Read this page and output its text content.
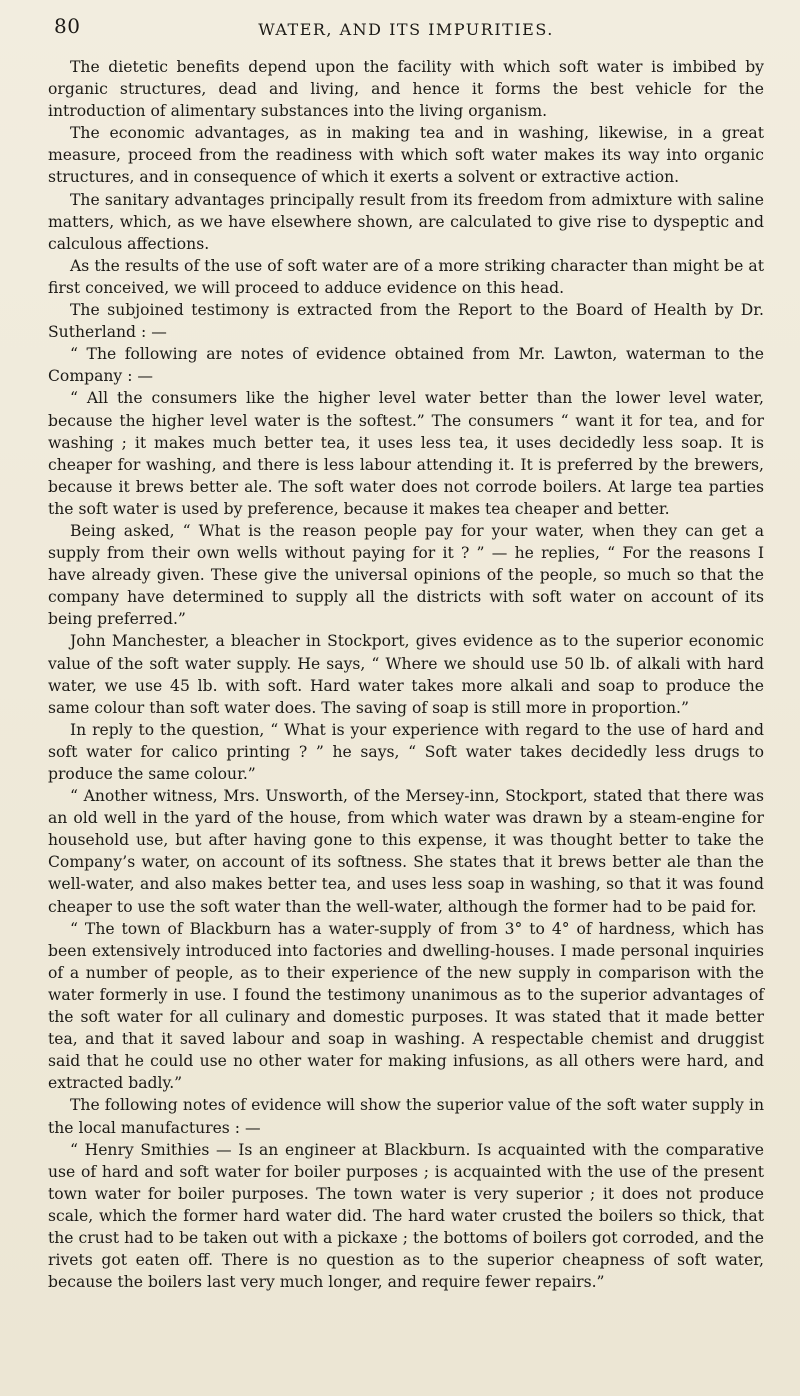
80	WATER, AND ITS IMPURITIES.

The dietetic benefits depend upon the facility with which soft water is imbibed by organic structures, dead and living, and hence it forms the best vehicle for the introduction of alimentary substances into the living organism.

The economic advantages, as in making tea and in washing, likewise, in a great measure, proceed from the readiness with which soft water makes its way into organic structures, and in consequence of which it exerts a solvent or extractive action.

The sanitary advantages principally result from its freedom from admixture with saline matters, which, as we have elsewhere shown, are calculated to give rise to dyspeptic and calculous affections.

As the results of the use of soft water are of a more striking character than might be at first conceived, we will proceed to adduce evidence on this head.

The subjoined testimony is extracted from the Report to the Board of Health by Dr. Sutherland : —

“ The following are notes of evidence obtained from Mr. Lawton, waterman to the Company : —

“ All the consumers like the higher level water better than the lower level water, because the higher level water is the softest.” The consumers “ want it for tea, and for washing ; it makes much better tea, it uses less tea, it uses decidedly less soap. It is cheaper for washing, and there is less labour attending it. It is preferred by the brewers, because it brews better ale. The soft water does not corrode boilers. At large tea parties the soft water is used by preference, because it makes tea cheaper and better.

Being asked, “ What is the reason people pay for your water, when they can get a supply from their own wells without paying for it ? ” — he replies, “ For the reasons I have already given. These give the universal opinions of the people, so much so that the company have determined to supply all the districts with soft water on account of its being preferred.”

John Manchester, a bleacher in Stockport, gives evidence as to the superior economic value of the soft water supply. He says, “ Where we should use 50 lb. of alkali with hard water, we use 45 lb. with soft. Hard water takes more alkali and soap to produce the same colour than soft water does. The saving of soap is still more in proportion.”

In reply to the question, “ What is your experience with regard to the use of hard and soft water for calico printing ? ” he says, “ Soft water takes decidedly less drugs to produce the same colour.”

“ Another witness, Mrs. Unsworth, of the Mersey-inn, Stockport, stated that there was an old well in the yard of the house, from which water was drawn by a steam-engine for household use, but after having gone to this expense, it was thought better to take the Company’s water, on account of its softness. She states that it brews better ale than the well-water, and also makes better tea, and uses less soap in washing, so that it was found cheaper to use the soft water than the well-water, although the former had to be paid for.

“ The town of Blackburn has a water-supply of from 3° to 4° of hardness, which has been extensively introduced into factories and dwelling-houses. I made personal inquiries of a number of people, as to their experience of the new supply in comparison with the water formerly in use. I found the testimony unanimous as to the superior advantages of the soft water for all culinary and domestic purposes. It was stated that it made better tea, and that it saved labour and soap in washing. A respectable chemist and druggist said that he could use no other water for making infusions, as all others were hard, and extracted badly.”

The following notes of evidence will show the superior value of the soft water supply in the local manufactures : —

“ Henry Smithies — Is an engineer at Blackburn. Is acquainted with the comparative use of hard and soft water for boiler purposes ; is acquainted with the use of the present town water for boiler purposes. The town water is very superior ; it does not produce scale, which the former hard water did. The hard water crusted the boilers so thick, that the crust had to be taken out with a pickaxe ; the bottoms of boilers got corroded, and the rivets got eaten off. There is no question as to the superior cheapness of soft water, because the boilers last very much longer, and require fewer repairs.”
